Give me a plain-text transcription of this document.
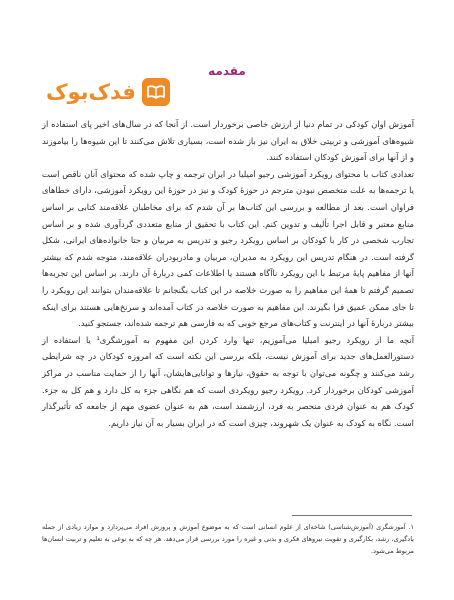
مقدمه
فدک‌بوک

آموزش اوان کودکی در تمام دنیا از ارزش خاصی برخوردار است. از آنجا که در سال‌های اخیر پای استفاده از شیوه‌های آموزشی و تربیتی خلاق به ایران نیز باز شده است، بسیاری تلاش می‌کنند تا این شیوه‌ها را بیاموزند و از آنها برای آموزش کودکان استفاده کنند.

تعدادی کتاب با محتوای رویکرد آموزشی رجیو امیلیا در ایران ترجمه و چاپ شده که محتوای آنان ناقص است یا ترجمه‌ها به علت متخصص نبودن مترجم در حوزهٔ کودک و نیز در حوزهٔ این رویکرد آموزشی، دارای خطاهای فراوان است. بعد از مطالعه و بررسی این کتاب‌ها بر آن شدم که برای مخاطبان علاقه‌مند کتابی بر اساس منابع معتبر و قابل اجرا تألیف و تدوین کنم. این کتاب با تحقیق از منابع متعددی گردآوری شده و بر اساس تجارب شخصی در کار با کودکان بر اساس رویکرد رجیو و تدریس به مربیان و حتا خانواده‌های ایرانی، شکل گرفته است. در هنگام تدریس این رویکرد به مدیران، مربیان و مادربودران علاقه‌مند، متوجه شدم که بیشتر آنها از مفاهیم پایهٔ مرتبط با این رویکرد ناآگاه هستند یا اطلاعات کمی دربارهٔ آن دارند. بر اساس این تجربه‌ها تصمیم گرفتم تا همهٔ این مفاهیم را به صورت خلاصه در این کتاب بگنجانم تا علاقه‌مندان بتوانند این رویکرد را تا جای ممکن عمیق فرا بگیرند. این مفاهیم به صورت خلاصه در کتاب آمده‌اند و سرنخ‌هایی هستند برای اینکه بیشتر دربارهٔ آنها در اینترنت و کتاب‌های مرجع خوبی که به فارسی هم ترجمه شده‌اند، جستجو کنید.

آنچه ما از رویکرد رجیو امیلیا می‌آموزیم، تنها وارد کردن این مفهوم به آموزشگری¹ یا استفاده از دستورالعمل‌های جدید برای آموزش نیست، بلکه بررسی این نکته است که امروزه کودکان در چه شرایطی رشد می‌کنند و چگونه می‌توان با توجه به حقوق، نیازها و توانایی‌هایشان، آنها را از حمایت مناسب در مراکز آموزشی کودکان برخوردار کرد. رویکرد رجیو رویکردی است که هم نگاهی جزء به کل دارد و هم کل به جزء. کودک هم به عنوان فردی منحصر به فرد، ارزشمند است، هم به عنوان عضوی مهم از جامعه که تأثیرگذار است. نگاه به کودک به عنوان یک شهروند، چیزی است که در ایران بسیار به آن نیاز داریم.

۱. آموزشگری (آموزش‌شناسی) شاخه‌ای از علوم انسانی است که به موضوع آموزش و پرورش افراد می‌پردازد و موارد زیادی از جمله یادگیری، رشد، بکارگیری و تقویت نیروهای فکری و بدنی و غیره را مورد بررسی قرار می‌دهد. هر چه که به نوعی به تعلیم و تربیت انسان‌ها مربوط می‌شود.
